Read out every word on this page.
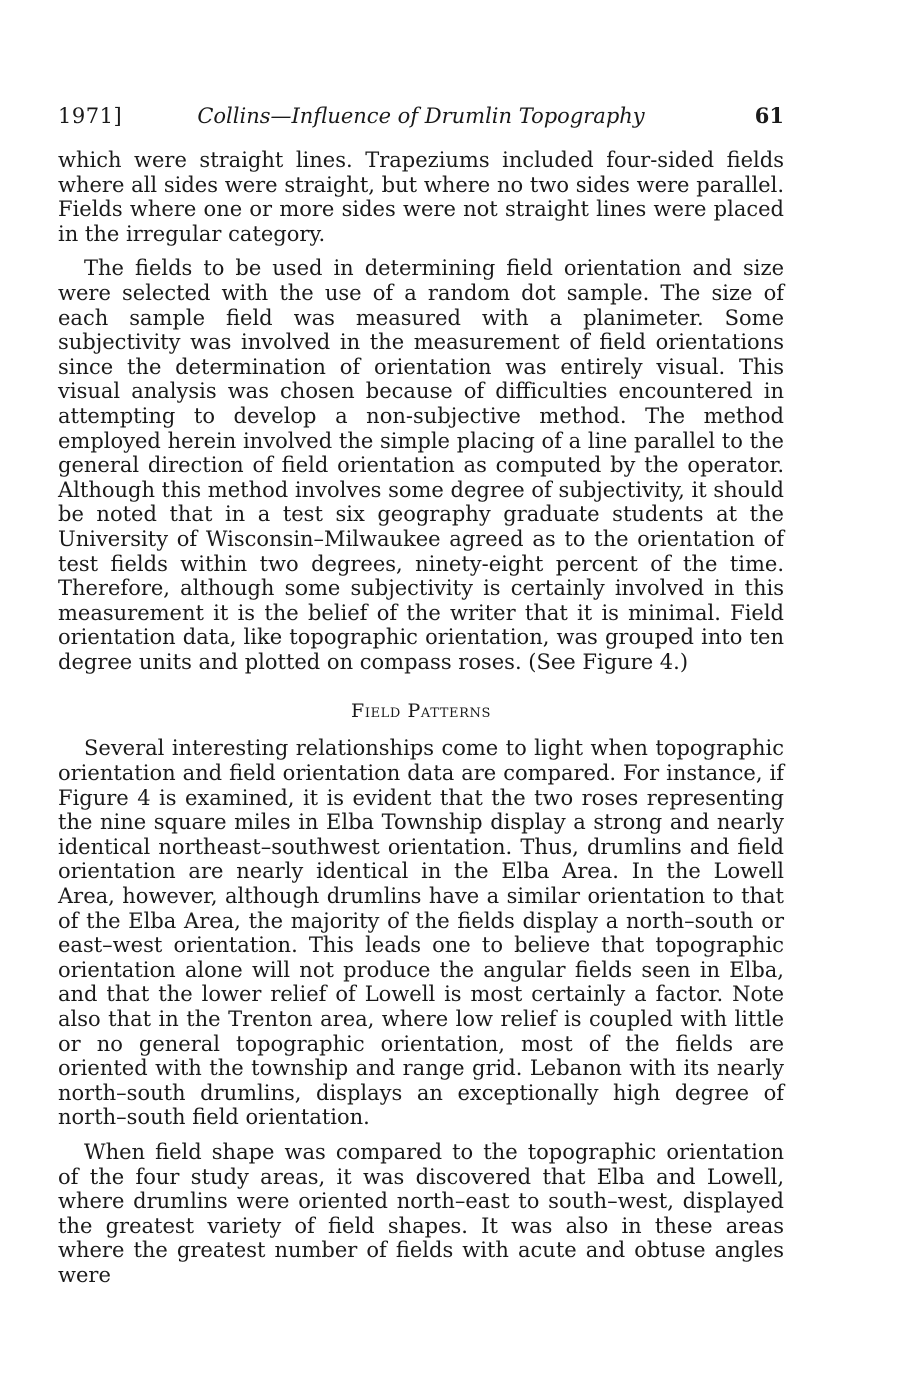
1971]	Collins—Influence of Drumlin Topography	61

which were straight lines. Trapeziums included four-sided fields where all sides were straight, but where no two sides were parallel. Fields where one or more sides were not straight lines were placed in the irregular category.

The fields to be used in determining field orientation and size were selected with the use of a random dot sample. The size of each sample field was measured with a planimeter. Some subjectivity was involved in the measurement of field orientations since the determination of orientation was entirely visual. This visual analysis was chosen because of difficulties encountered in attempting to develop a non-subjective method. The method employed herein involved the simple placing of a line parallel to the general direction of field orientation as computed by the operator. Although this method involves some degree of subjectivity, it should be noted that in a test six geography graduate students at the University of Wisconsin–Milwaukee agreed as to the orientation of test fields within two degrees, ninety-eight percent of the time. Therefore, although some subjectivity is certainly involved in this measurement it is the belief of the writer that it is minimal. Field orientation data, like topographic orientation, was grouped into ten degree units and plotted on compass roses. (See Figure 4.)

Field Patterns

Several interesting relationships come to light when topographic orientation and field orientation data are compared. For instance, if Figure 4 is examined, it is evident that the two roses representing the nine square miles in Elba Township display a strong and nearly identical northeast–southwest orientation. Thus, drumlins and field orientation are nearly identical in the Elba Area. In the Lowell Area, however, although drumlins have a similar orientation to that of the Elba Area, the majority of the fields display a north–south or east–west orientation. This leads one to believe that topographic orientation alone will not produce the angular fields seen in Elba, and that the lower relief of Lowell is most certainly a factor. Note also that in the Trenton area, where low relief is coupled with little or no general topographic orientation, most of the fields are oriented with the township and range grid. Lebanon with its nearly north–south drumlins, displays an exceptionally high degree of north–south field orientation.

When field shape was compared to the topographic orientation of the four study areas, it was discovered that Elba and Lowell, where drumlins were oriented north–east to south–west, displayed the greatest variety of field shapes. It was also in these areas where the greatest number of fields with acute and obtuse angles were
